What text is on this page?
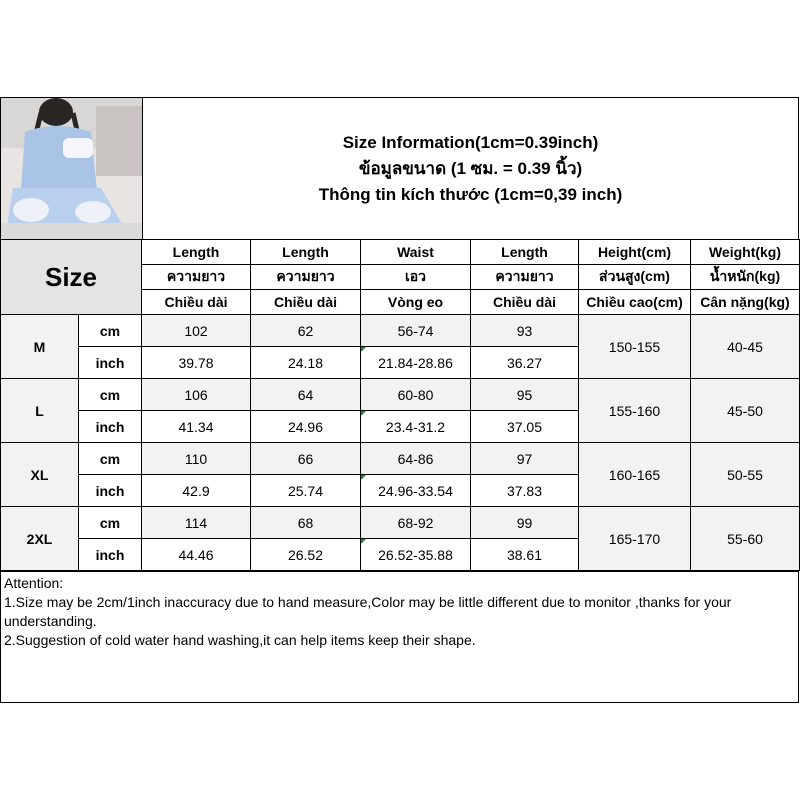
Size Information(1cm=0.39inch)
ข้อมูลขนาด (1 ซม. = 0.39 นิ้ว)
Thông tin kích thước (1cm=0,39 inch)
Size		Length	Length	Waist	Length	Height(cm)	Weight(kg)
		ความยาว	ความยาว	เอว	ความยาว	ส่วนสูง(cm)	น้ำหนัก(kg)
		Chiều dài	Chiều dài	Vòng eo	Chiều dài	Chiều cao(cm)	Cân nặng(kg)
M	cm	102	62	56-74	93	150-155	40-45
	inch	39.78	24.18	21.84-28.86	36.27		
L	cm	106	64	60-80	95	155-160	45-50
	inch	41.34	24.96	23.4-31.2	37.05		
XL	cm	110	66	64-86	97	160-165	50-55
	inch	42.9	25.74	24.96-33.54	37.83		
2XL	cm	114	68	68-92	99	165-170	55-60
	inch	44.46	26.52	26.52-35.88	38.61		
Attention:
1.Size may be 2cm/1inch inaccuracy due to hand measure,Color may be little different due to monitor ,thanks for your
understanding.
2.Suggestion of cold water hand washing,it can help items keep their shape.
